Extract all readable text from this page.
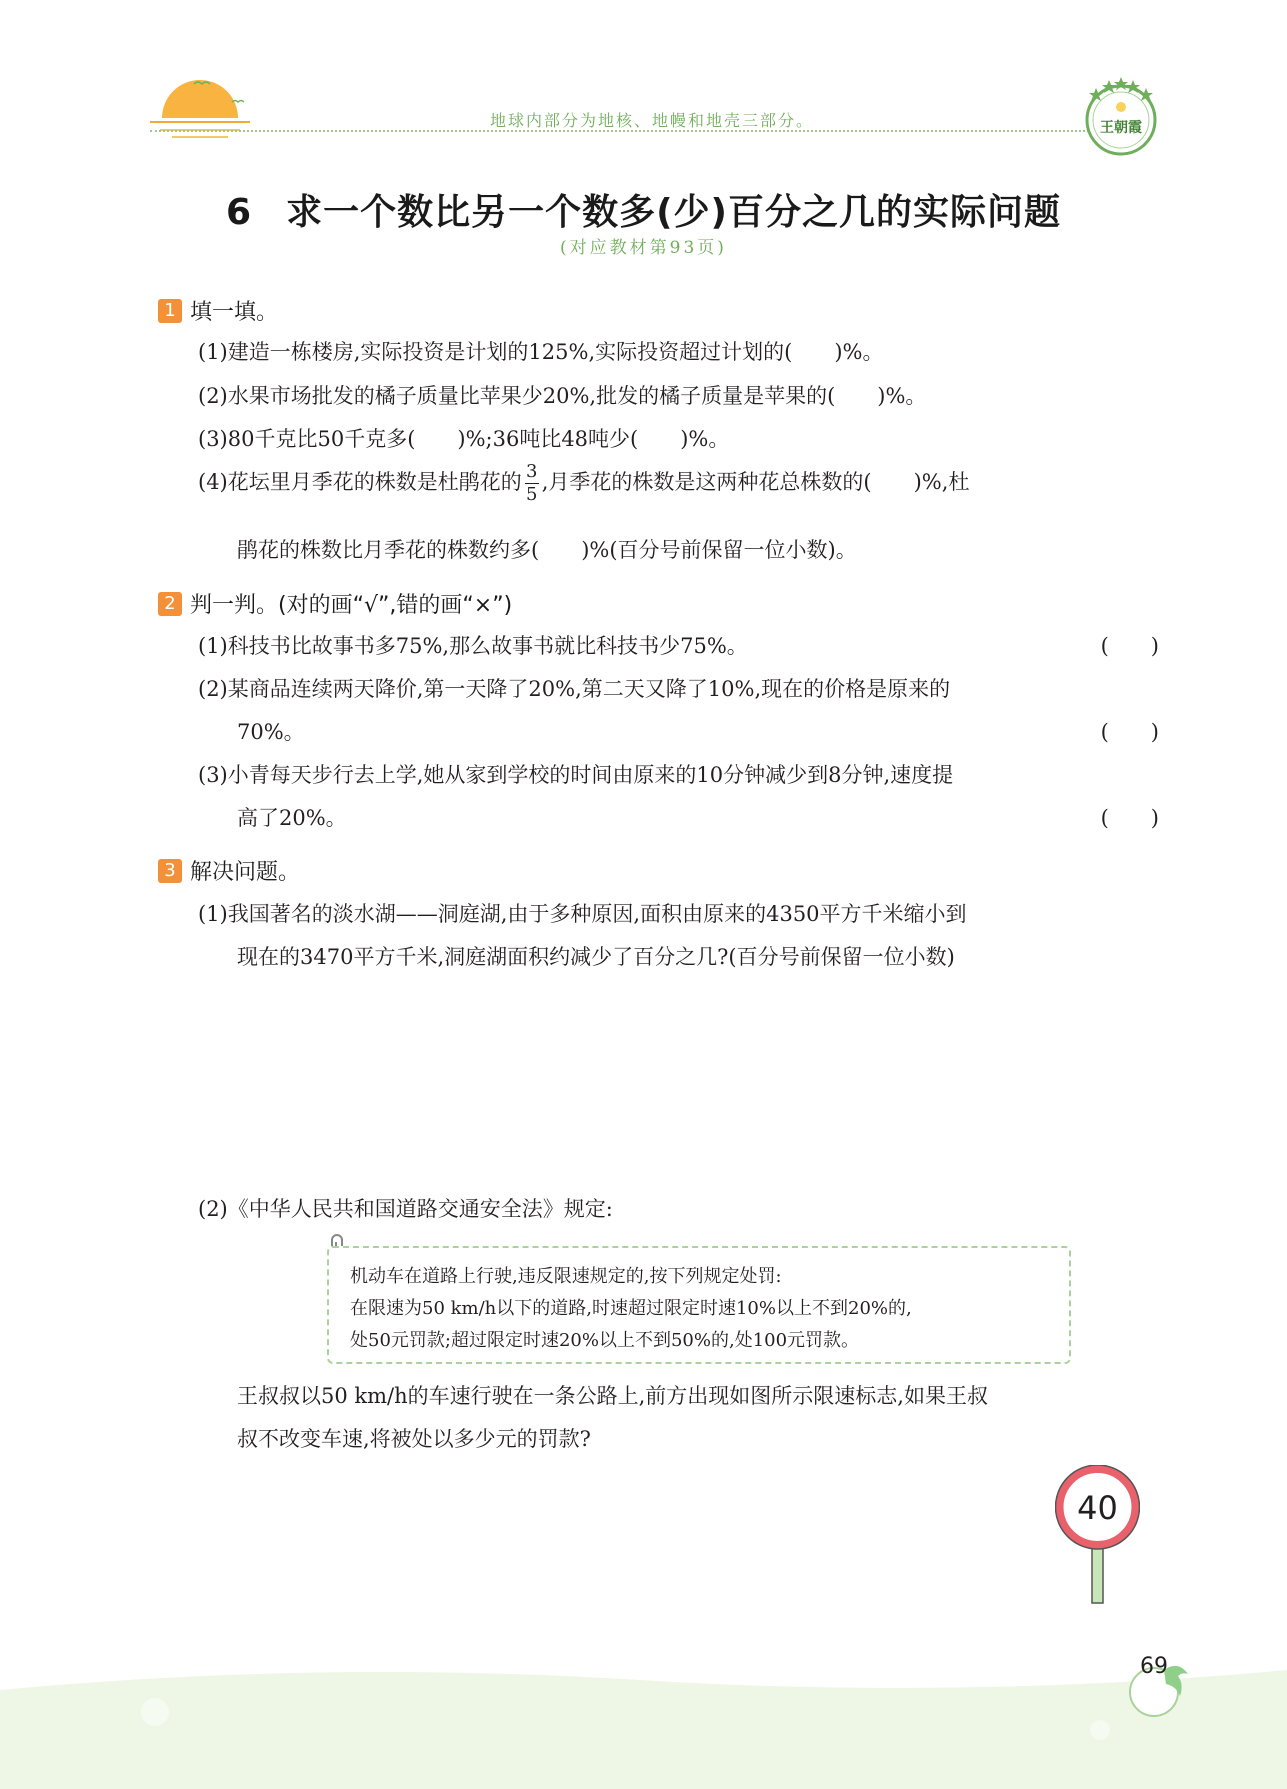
地球内部分为地核、地幔和地壳三部分。	王朝霞
6 求一个数比另一个数多(少)百分之几的实际问题
(对应教材第93页)
1 填一填。
(1)建造一栋楼房,实际投资是计划的125%,实际投资超过计划的(　　)%。
(2)水果市场批发的橘子质量比苹果少20%,批发的橘子质量是苹果的(　　)%。
(3)80千克比50千克多(　　)%;36吨比48吨少(　　)%。
(4)花坛里月季花的株数是杜鹃花的 $\frac{3}{5}$ ,月季花的株数是这两种花总株数的(　　)%,杜
鹃花的株数比月季花的株数约多(　　)%(百分号前保留一位小数)。
2 判一判。(对的画“√”,错的画“×”)
(1)科技书比故事书多75%,那么故事书就比科技书少75%。	(　　)
(2)某商品连续两天降价,第一天降了20%,第二天又降了10%,现在的价格是原来的
70%。	(　　)
(3)小青每天步行去上学,她从家到学校的时间由原来的10分钟减少到8分钟,速度提
高了20%。	(　　)
3 解决问题。
(1)我国著名的淡水湖——洞庭湖,由于多种原因,面积由原来的4350平方千米缩小到
现在的3470平方千米,洞庭湖面积约减少了百分之几?(百分号前保留一位小数)
(2)《中华人民共和国道路交通安全法》规定:
机动车在道路上行驶,违反限速规定的,按下列规定处罚:
在限速为50 km/h以下的道路,时速超过限定时速10%以上不到20%的,
处50元罚款;超过限定时速20%以上不到50%的,处100元罚款。
王叔叔以50 km/h的车速行驶在一条公路上,前方出现如图所示限速标志,如果王叔
叔不改变车速,将被处以多少元的罚款?
40
69
